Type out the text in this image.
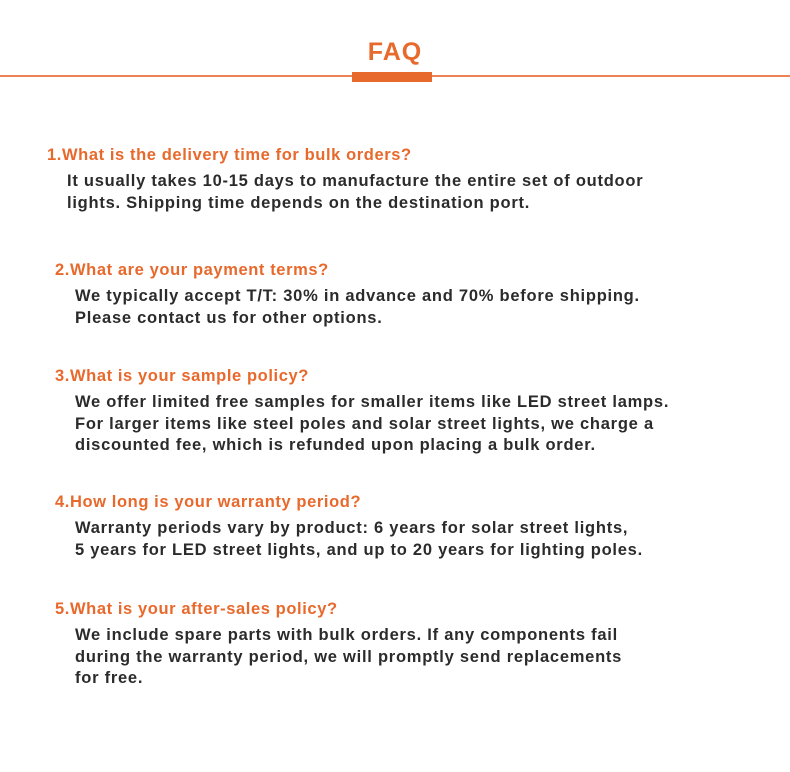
FAQ
1.What is the delivery time for bulk orders?
It usually takes 10-15 days to manufacture the entire set of outdoor
lights. Shipping time depends on the destination port.
2.What are your payment terms?
We typically accept T/T: 30% in advance and 70% before shipping.
Please contact us for other options.
3.What is your sample policy?
We offer limited free samples for smaller items like LED street lamps.
For larger items like steel poles and solar street lights, we charge a
discounted fee, which is refunded upon placing a bulk order.
4.How long is your warranty period?
Warranty periods vary by product: 6 years for solar street lights,
5 years for LED street lights, and up to 20 years for lighting poles.
5.What is your after-sales policy?
We include spare parts with bulk orders. If any components fail
during the warranty period, we will promptly send replacements
for free.
